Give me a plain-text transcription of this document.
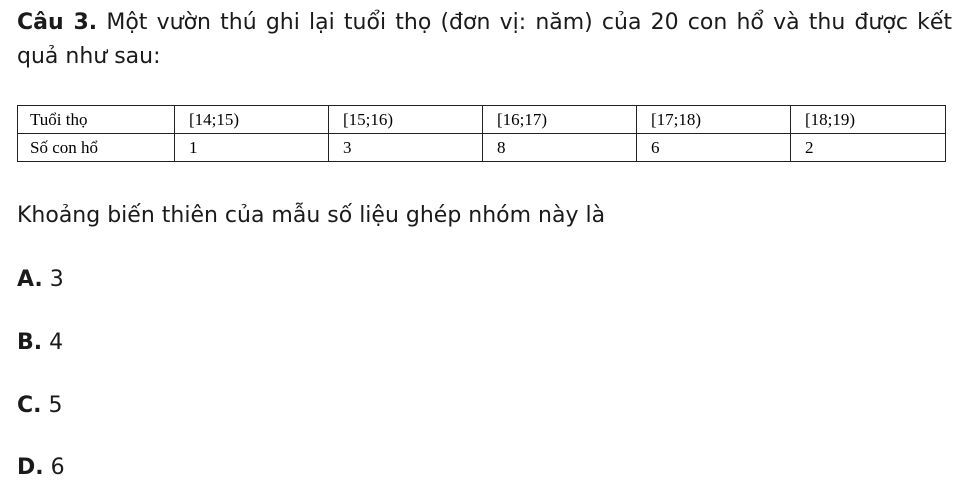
Câu 3. Một vườn thú ghi lại tuổi thọ (đơn vị: năm) của 20 con hổ và thu được kết quả như sau:

Tuổi thọ	[14;15)	[15;16)	[16;17)	[17;18)	[18;19)
Số con hổ	1	3	8	6	2

Khoảng biến thiên của mẫu số liệu ghép nhóm này là

A. 3
B. 4
C. 5
D. 6
